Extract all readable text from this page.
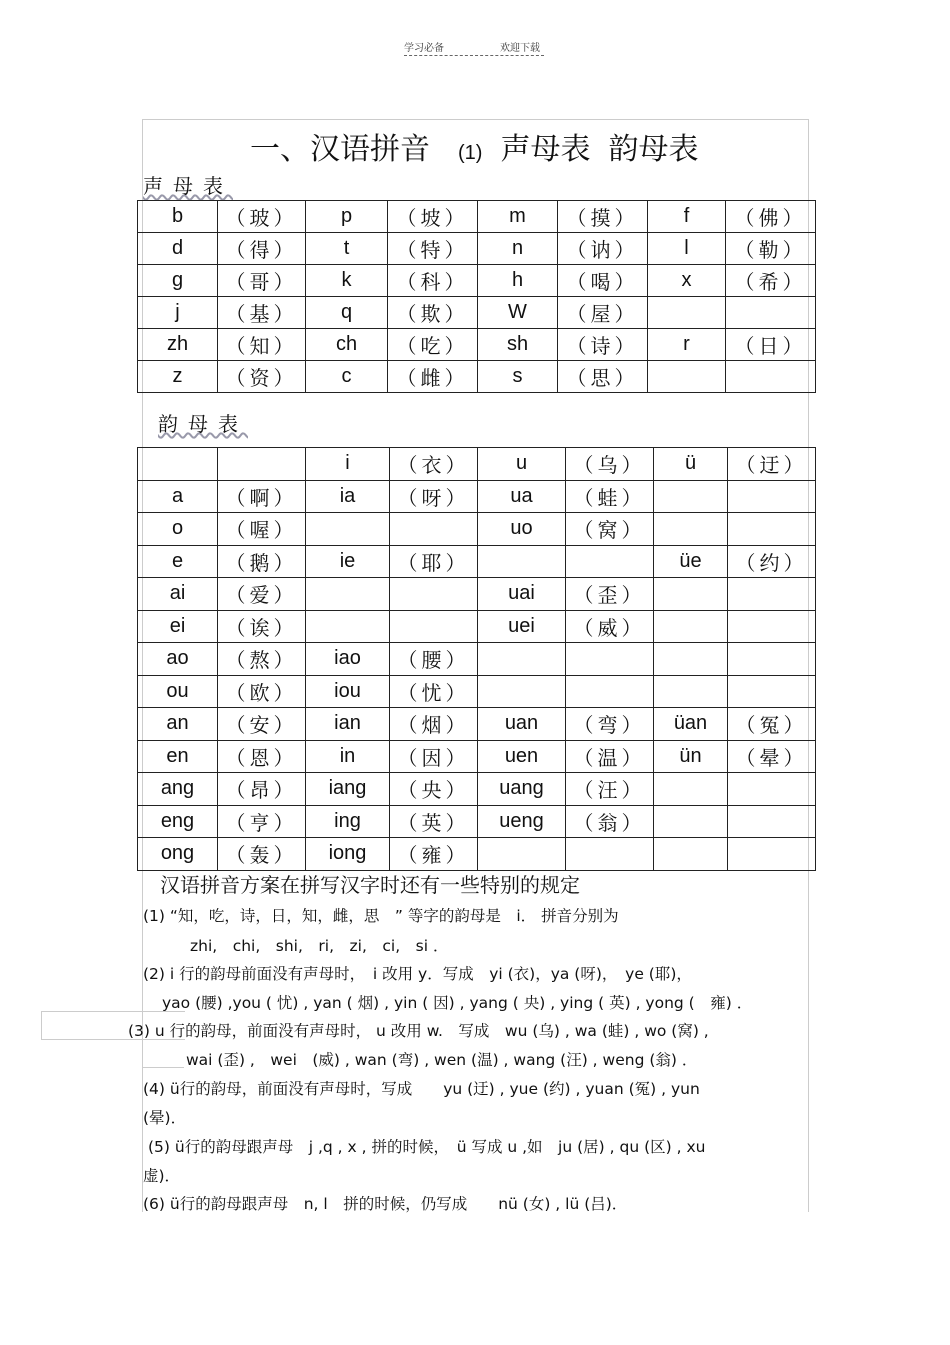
学习必备	欢迎下载
一、汉语拼音 (1) 声母表 韵母表
声母表
b	（玻）	p	（坡）	m	（摸）	f	（佛）
d	（得）	t	（特）	n	（讷）	l	（勒）
g	（哥）	k	（科）	h	（喝）	x	（希）
j	（基）	q	（欺）	W	（屋）		
zh	（知）	ch	（吃）	sh	（诗）	r	（日）
z	（资）	c	（雌）	s	（思）		
韵母表
		i	（衣）	u	（乌）	ü	（迂）
a	（啊）	ia	（呀）	ua	（蛙）		
o	（喔）			uo	（窝）		
e	（鹅）	ie	（耶）			üe	（约）
ai	（爱）			uai	（歪）		
ei	（诶）			uei	（威）		
ao	（熬）	iao	（腰）				
ou	（欧）	iou	（忧）				
an	（安）	ian	（烟）	uan	（弯）	üan	（冤）
en	（恩）	in	（因）	uen	（温）	ün	（晕）
ang	（昂）	iang	（央）	uang	（汪）		
eng	（亨）	ing	（英）	ueng	（翁）		
ong	（轰）	iong	（雍）				
汉语拼音方案在拼写汉字时还有一些特别的规定
(1) “知，吃，诗，日，知，雌，思　” 等字的韵母是　i． 拼音分别为
zhi,　chi,　shi,　ri,　zi,　ci,　si ．
(2) i 行的韵母前面没有声母时，　i 改用 y．写成　yi (衣)，ya (呀)，　ye (耶)，
yao (腰) ,you ( 忧) , yan ( 烟) , yin ( 因) , yang ( 央) , ying ( 英) , yong (　雍) ．
(3) u 行的韵母，前面没有声母时， u 改用 w.　写成　wu (乌) , wa (蛙) , wo (窝) ,
wai (歪) ,　wei　(威) , wan (弯) , wen (温) , wang (汪) , weng (翁) ．
(4) ü行的韵母，前面没有声母时，写成　　yu (迂) , yue (约) , yuan (冤) , yun
(晕)．
(5) ü行的韵母跟声母　j ,q , x , 拼的时候，　ü 写成 u ,如　ju (居) , qu (区) , xu
虚)．
(6) ü行的韵母跟声母　n, l　拼的时候，仍写成　　nü (女) , lü (吕)．
